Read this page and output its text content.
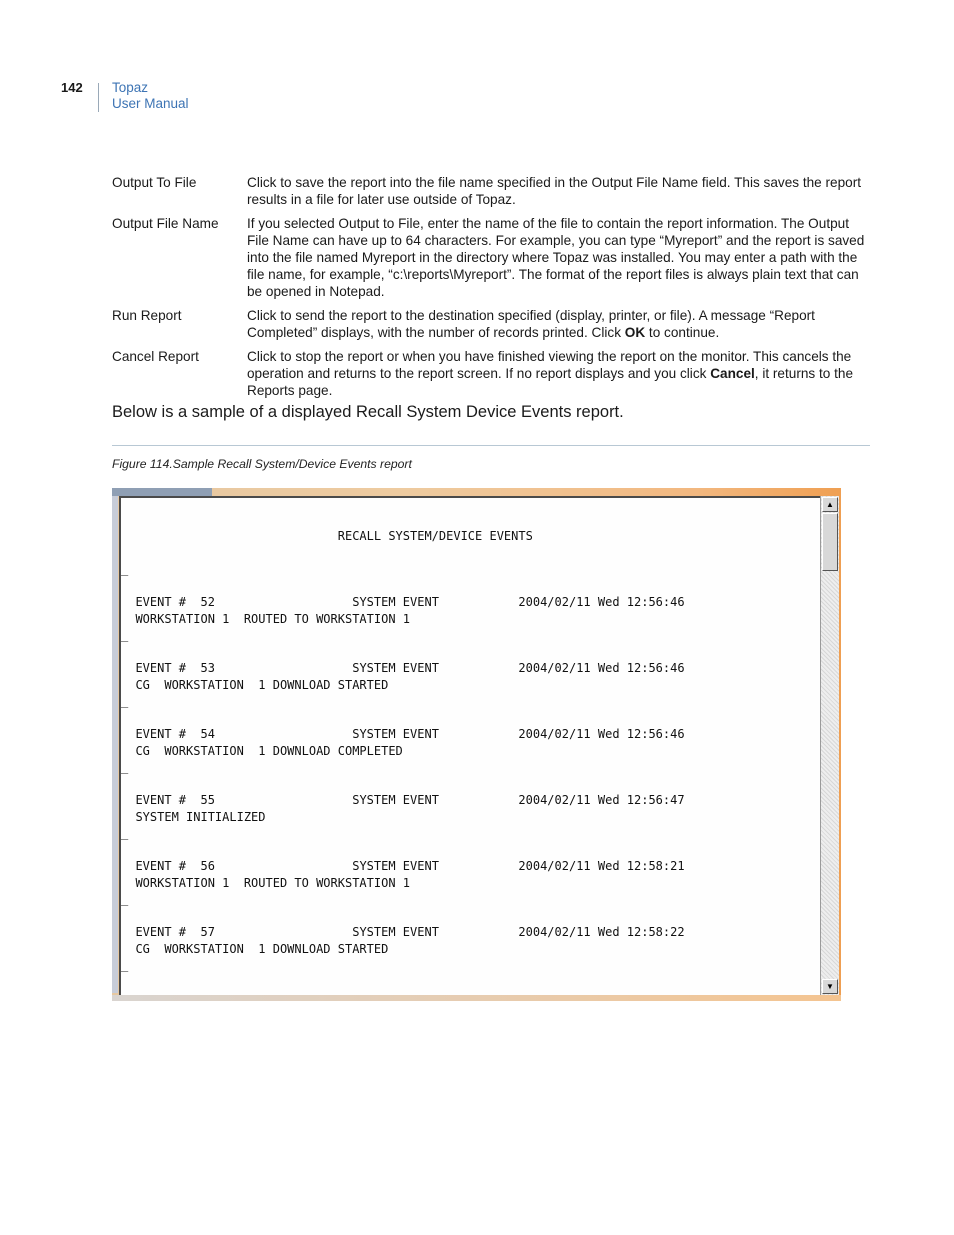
142 Topaz
User Manual
Output To File	Click to save the report into the file name specified in the Output File Name field. This saves the report results in a file for later use outside of Topaz.
Output File Name	If you selected Output to File, enter the name of the file to contain the report information. The Output File Name can have up to 64 characters. For example, you can type “Myreport” and the report is saved into the file named Myreport in the directory where Topaz was installed. You may enter a path with the file name, for example, “c:\reports\Myreport”. The format of the report files is always plain text that can be opened in Notepad.
Run Report	Click to send the report to the destination specified (display, printer, or file). A message “Report Completed” displays, with the number of records printed. Click OK to continue.
Cancel Report	Click to stop the report or when you have finished viewing the report on the monitor. This cancels the operation and returns to the report screen. If no report displays and you click Cancel, it returns to the Reports page.
Below is a sample of a displayed Recall System Device Events report.
Figure 114.Sample Recall System/Device Events report
RECALL SYSTEM/DEVICE EVENTS

_

EVENT #  52	SYSTEM EVENT	2004/02/11 Wed 12:56:46
WORKSTATION 1  ROUTED TO WORKSTATION 1
_

EVENT #  53	SYSTEM EVENT	2004/02/11 Wed 12:56:46
CG  WORKSTATION  1 DOWNLOAD STARTED
_

EVENT #  54	SYSTEM EVENT	2004/02/11 Wed 12:56:46
CG  WORKSTATION  1 DOWNLOAD COMPLETED
_

EVENT #  55	SYSTEM EVENT	2004/02/11 Wed 12:56:47
SYSTEM INITIALIZED
_

EVENT #  56	SYSTEM EVENT	2004/02/11 Wed 12:58:21
WORKSTATION 1  ROUTED TO WORKSTATION 1
_

EVENT #  57	SYSTEM EVENT	2004/02/11 Wed 12:58:22
CG  WORKSTATION  1 DOWNLOAD STARTED
_

▲
▼
